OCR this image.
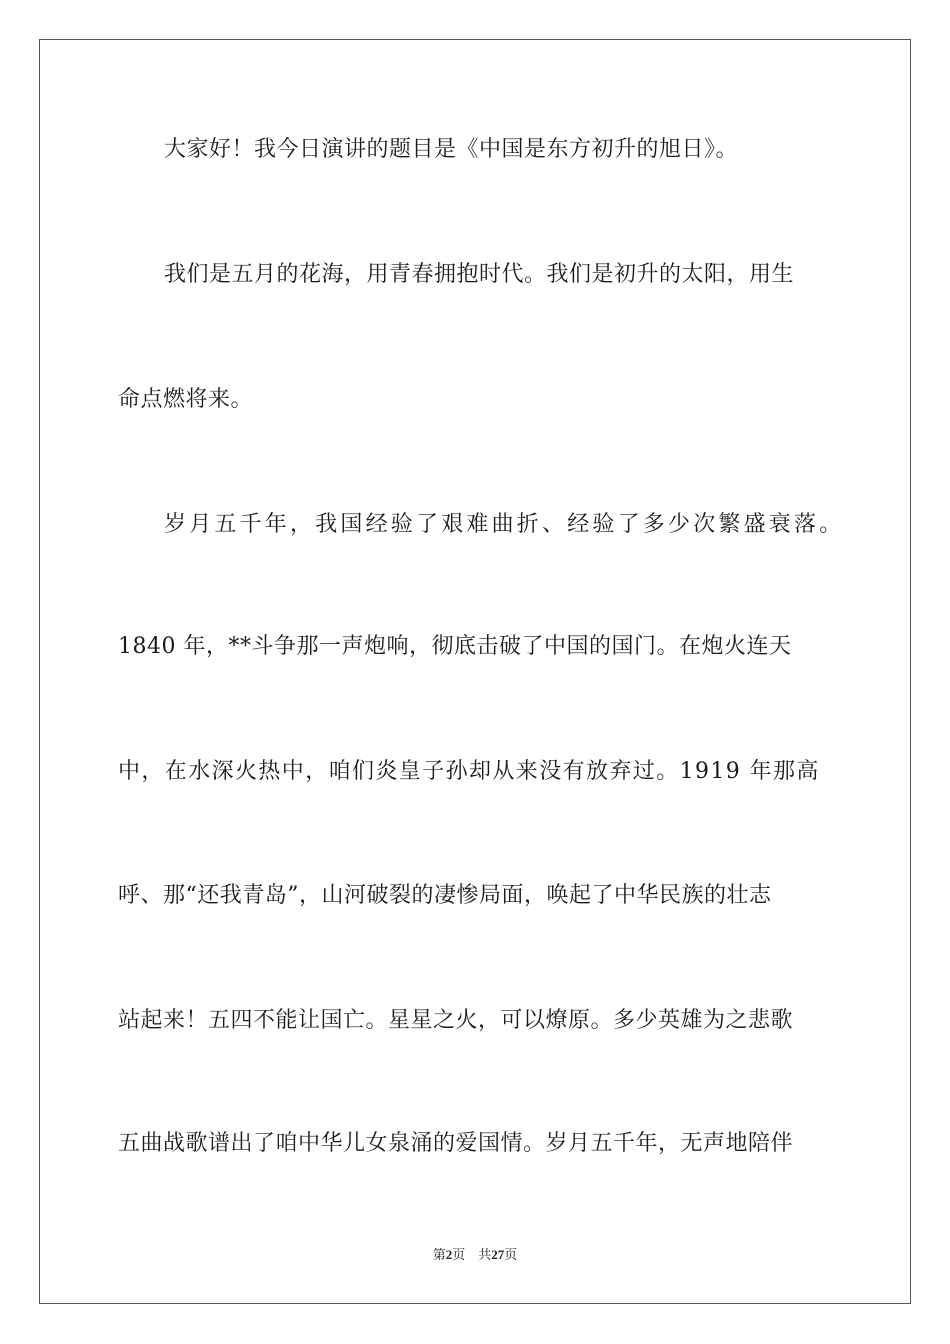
大家好！我今日演讲的题目是《中国是东方初升的旭日》。
我们是五月的花海，用青春拥抱时代。我们是初升的太阳，用生
命点燃将来。
岁月五千年，我国经验了艰难曲折、经验了多少次繁盛衰落。
1840 年，**斗争那一声炮响，彻底击破了中国的国门。在炮火连天
中，在水深火热中，咱们炎皇子孙却从来没有放弃过。1919 年那高
呼、那“还我青岛”，山河破裂的凄惨局面，唤起了中华民族的壮志
站起来！五四不能让国亡。星星之火，可以燎原。多少英雄为之悲歌
五曲战歌谱出了咱中华儿女泉涌的爱国情。岁月五千年，无声地陪伴
第2页　共27页
